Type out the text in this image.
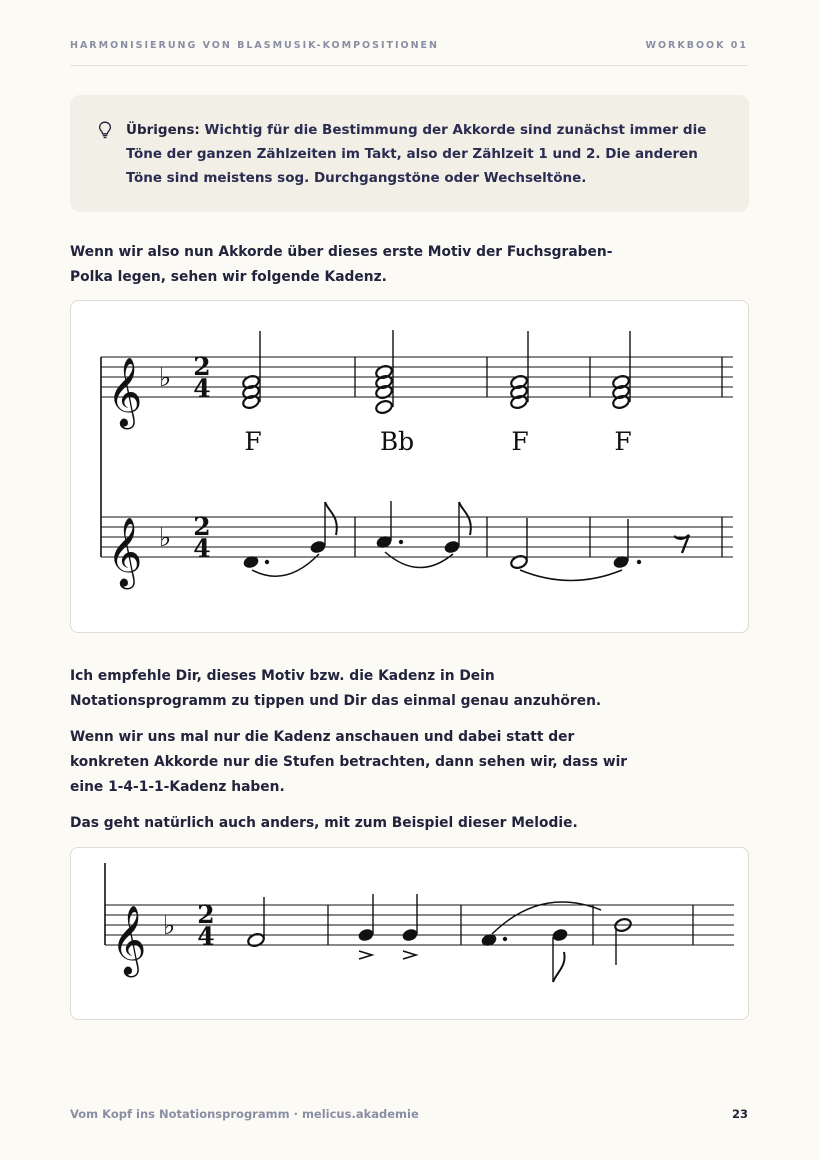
HARMONISIERUNG VON BLASMUSIK-KOMPOSITIONEN	WORKBOOK 01
Übrigens: Wichtig für die Bestimmung der Akkorde sind zunächst immer die Töne der ganzen Zählzeiten im Takt, also der Zählzeit 1 und 2. Die anderen Töne sind meistens sog. Durchgangstöne oder Wechseltöne.

Wenn wir also nun Akkorde über dieses erste Motiv der Fuchsgraben-Polka legen, sehen wir folgende Kadenz.

𝄞
𝄞
♭
♭
2
4
2
4
F	Bb	F	F

Ich empfehle Dir, dieses Motiv bzw. die Kadenz in Dein Notationsprogramm zu tippen und Dir das einmal genau anzuhören.

Wenn wir uns mal nur die Kadenz anschauen und dabei statt der konkreten Akkorde nur die Stufen betrachten, dann sehen wir, dass wir eine 1-4-1-1-Kadenz haben.

Das geht natürlich auch anders, mit zum Beispiel dieser Melodie.

𝄞 ♭ 2
4
Vom Kopf ins Notationsprogramm · melicus.akademie	23
